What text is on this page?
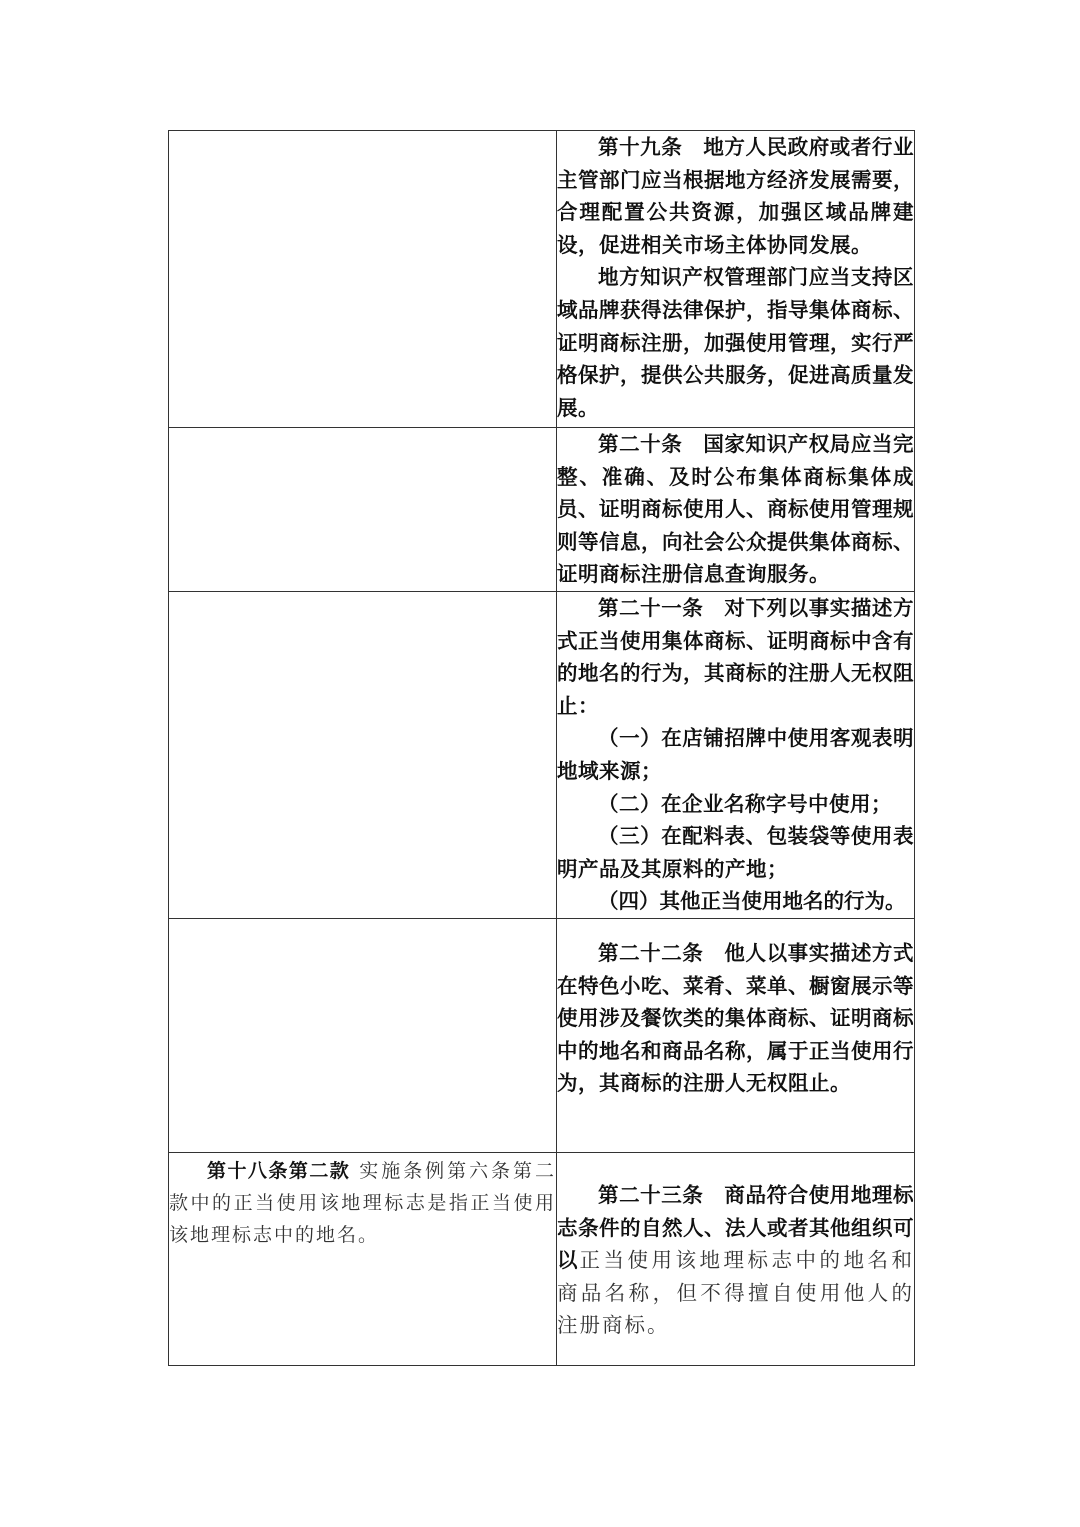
	第十九条　地方人民政府或者行业主管部门应当根据地方经济发展需要，合理配置公共资源，加强区域品牌建设，促进相关市场主体协同发展。

地方知识产权管理部门应当支持区域品牌获得法律保护，指导集体商标、证明商标注册，加强使用管理，实行严格保护，提供公共服务，促进高质量发展。

	第二十条　国家知识产权局应当完整、准确、及时公布集体商标集体成员、证明商标使用人、商标使用管理规则等信息，向社会公众提供集体商标、证明商标注册信息查询服务。

	第二十一条　对下列以事实描述方式正当使用集体商标、证明商标中含有的地名的行为，其商标的注册人无权阻止：

（一）在店铺招牌中使用客观表明地域来源；

（二）在企业名称字号中使用；

（三）在配料表、包装袋等使用表明产品及其原料的产地；

（四）其他正当使用地名的行为。

	第二十二条　他人以事实描述方式在特色小吃、菜肴、菜单、橱窗展示等使用涉及餐饮类的集体商标、证明商标中的地名和商品名称，属于正当使用行为，其商标的注册人无权阻止。

第十八条第二款 实施条例第六条第二款中的正当使用该地理标志是指正当使用该地理标志中的地名。	第二十三条　商品符合使用地理标志条件的自然人、法人或者其他组织可以正当使用该地理标志中的地名和商品名称，但不得擅自使用他人的注册商标。
